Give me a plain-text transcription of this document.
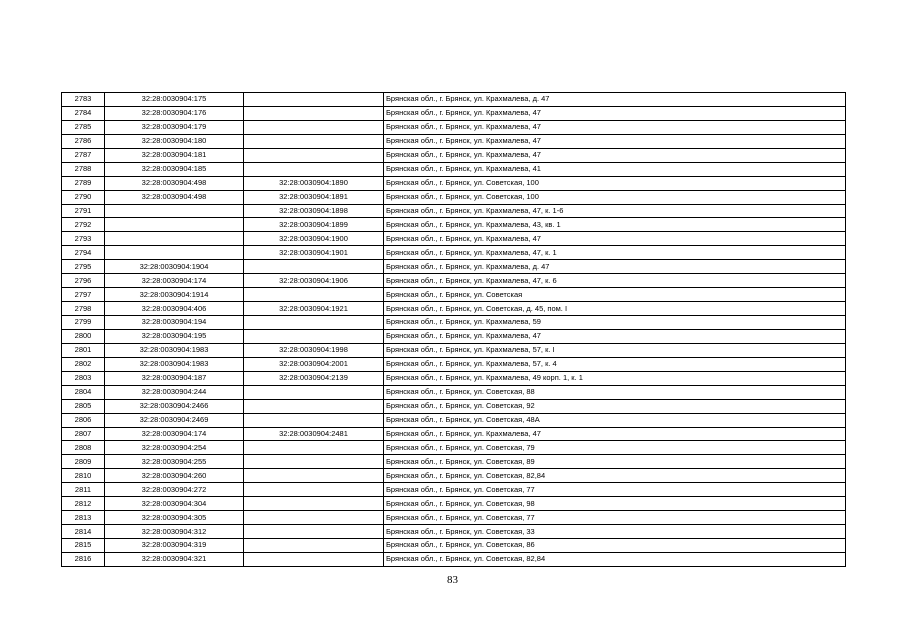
2783	32:28:0030904:175		Брянская обл., г. Брянск, ул. Крахмалева, д. 47
2784	32:28:0030904:176		Брянская обл., г. Брянск, ул. Крахмалева, 47
2785	32:28:0030904:179		Брянская обл., г. Брянск, ул. Крахмалева, 47
2786	32:28:0030904:180		Брянская обл., г. Брянск, ул. Крахмалева, 47
2787	32:28:0030904:181		Брянская обл., г. Брянск, ул. Крахмалева, 47
2788	32:28:0030904:185		Брянская обл., г. Брянск, ул. Крахмалева, 41
2789	32:28:0030904:498	32:28:0030904:1890	Брянская обл., г. Брянск, ул. Советская, 100
2790	32:28:0030904:498	32:28:0030904:1891	Брянская обл., г. Брянск, ул. Советская, 100
2791		32:28:0030904:1898	Брянская обл., г. Брянск, ул. Крахмалева, 47, к. 1-6
2792		32:28:0030904:1899	Брянская обл., г. Брянск, ул. Крахмалева, 43, кв. 1
2793		32:28:0030904:1900	Брянская обл., г. Брянск, ул. Крахмалева, 47
2794		32:28:0030904:1901	Брянская обл., г. Брянск, ул. Крахмалева, 47, к. 1
2795	32:28:0030904:1904		Брянская обл., г. Брянск, ул. Крахмалева, д. 47
2796	32:28:0030904:174	32:28:0030904:1906	Брянская обл., г. Брянск, ул. Крахмалева, 47, к. 6
2797	32:28:0030904:1914		Брянская обл., г. Брянск, ул. Советская
2798	32:28:0030904:406	32:28:0030904:1921	Брянская обл., г. Брянск, ул. Советская, д. 45, пом. I
2799	32:28:0030904:194		Брянская обл., г. Брянск, ул. Крахмалева, 59
2800	32:28:0030904:195		Брянская обл., г. Брянск, ул. Крахмалева, 47
2801	32:28:0030904:1983	32:28:0030904:1998	Брянская обл., г. Брянск, ул. Крахмалева, 57, к. I
2802	32:28:0030904:1983	32:28:0030904:2001	Брянская обл., г. Брянск, ул. Крахмалева, 57, к. 4
2803	32:28:0030904:187	32:28:0030904:2139	Брянская обл., г. Брянск, ул. Крахмалева, 49 корп. 1, к. 1
2804	32:28:0030904:244		Брянская обл., г. Брянск, ул. Советская, 88
2805	32:28:0030904:2466		Брянская обл., г. Брянск, ул. Советская, 92
2806	32:28:0030904:2469		Брянская обл., г. Брянск, ул. Советская, 48А
2807	32:28:0030904:174	32:28:0030904:2481	Брянская обл., г. Брянск, ул. Крахмалева, 47
2808	32:28:0030904:254		Брянская обл., г. Брянск, ул. Советская, 79
2809	32:28:0030904:255		Брянская обл., г. Брянск, ул. Советская, 89
2810	32:28:0030904:260		Брянская обл., г. Брянск, ул. Советская, 82,84
2811	32:28:0030904:272		Брянская обл., г. Брянск, ул. Советская, 77
2812	32:28:0030904:304		Брянская обл., г. Брянск, ул. Советская, 98
2813	32:28:0030904:305		Брянская обл., г. Брянск, ул. Советская, 77
2814	32:28:0030904:312		Брянская обл., г. Брянск, ул. Советская, 33
2815	32:28:0030904:319		Брянская обл., г. Брянск, ул. Советская, 86
2816	32:28:0030904:321		Брянская обл., г. Брянск, ул. Советская, 82,84
83
